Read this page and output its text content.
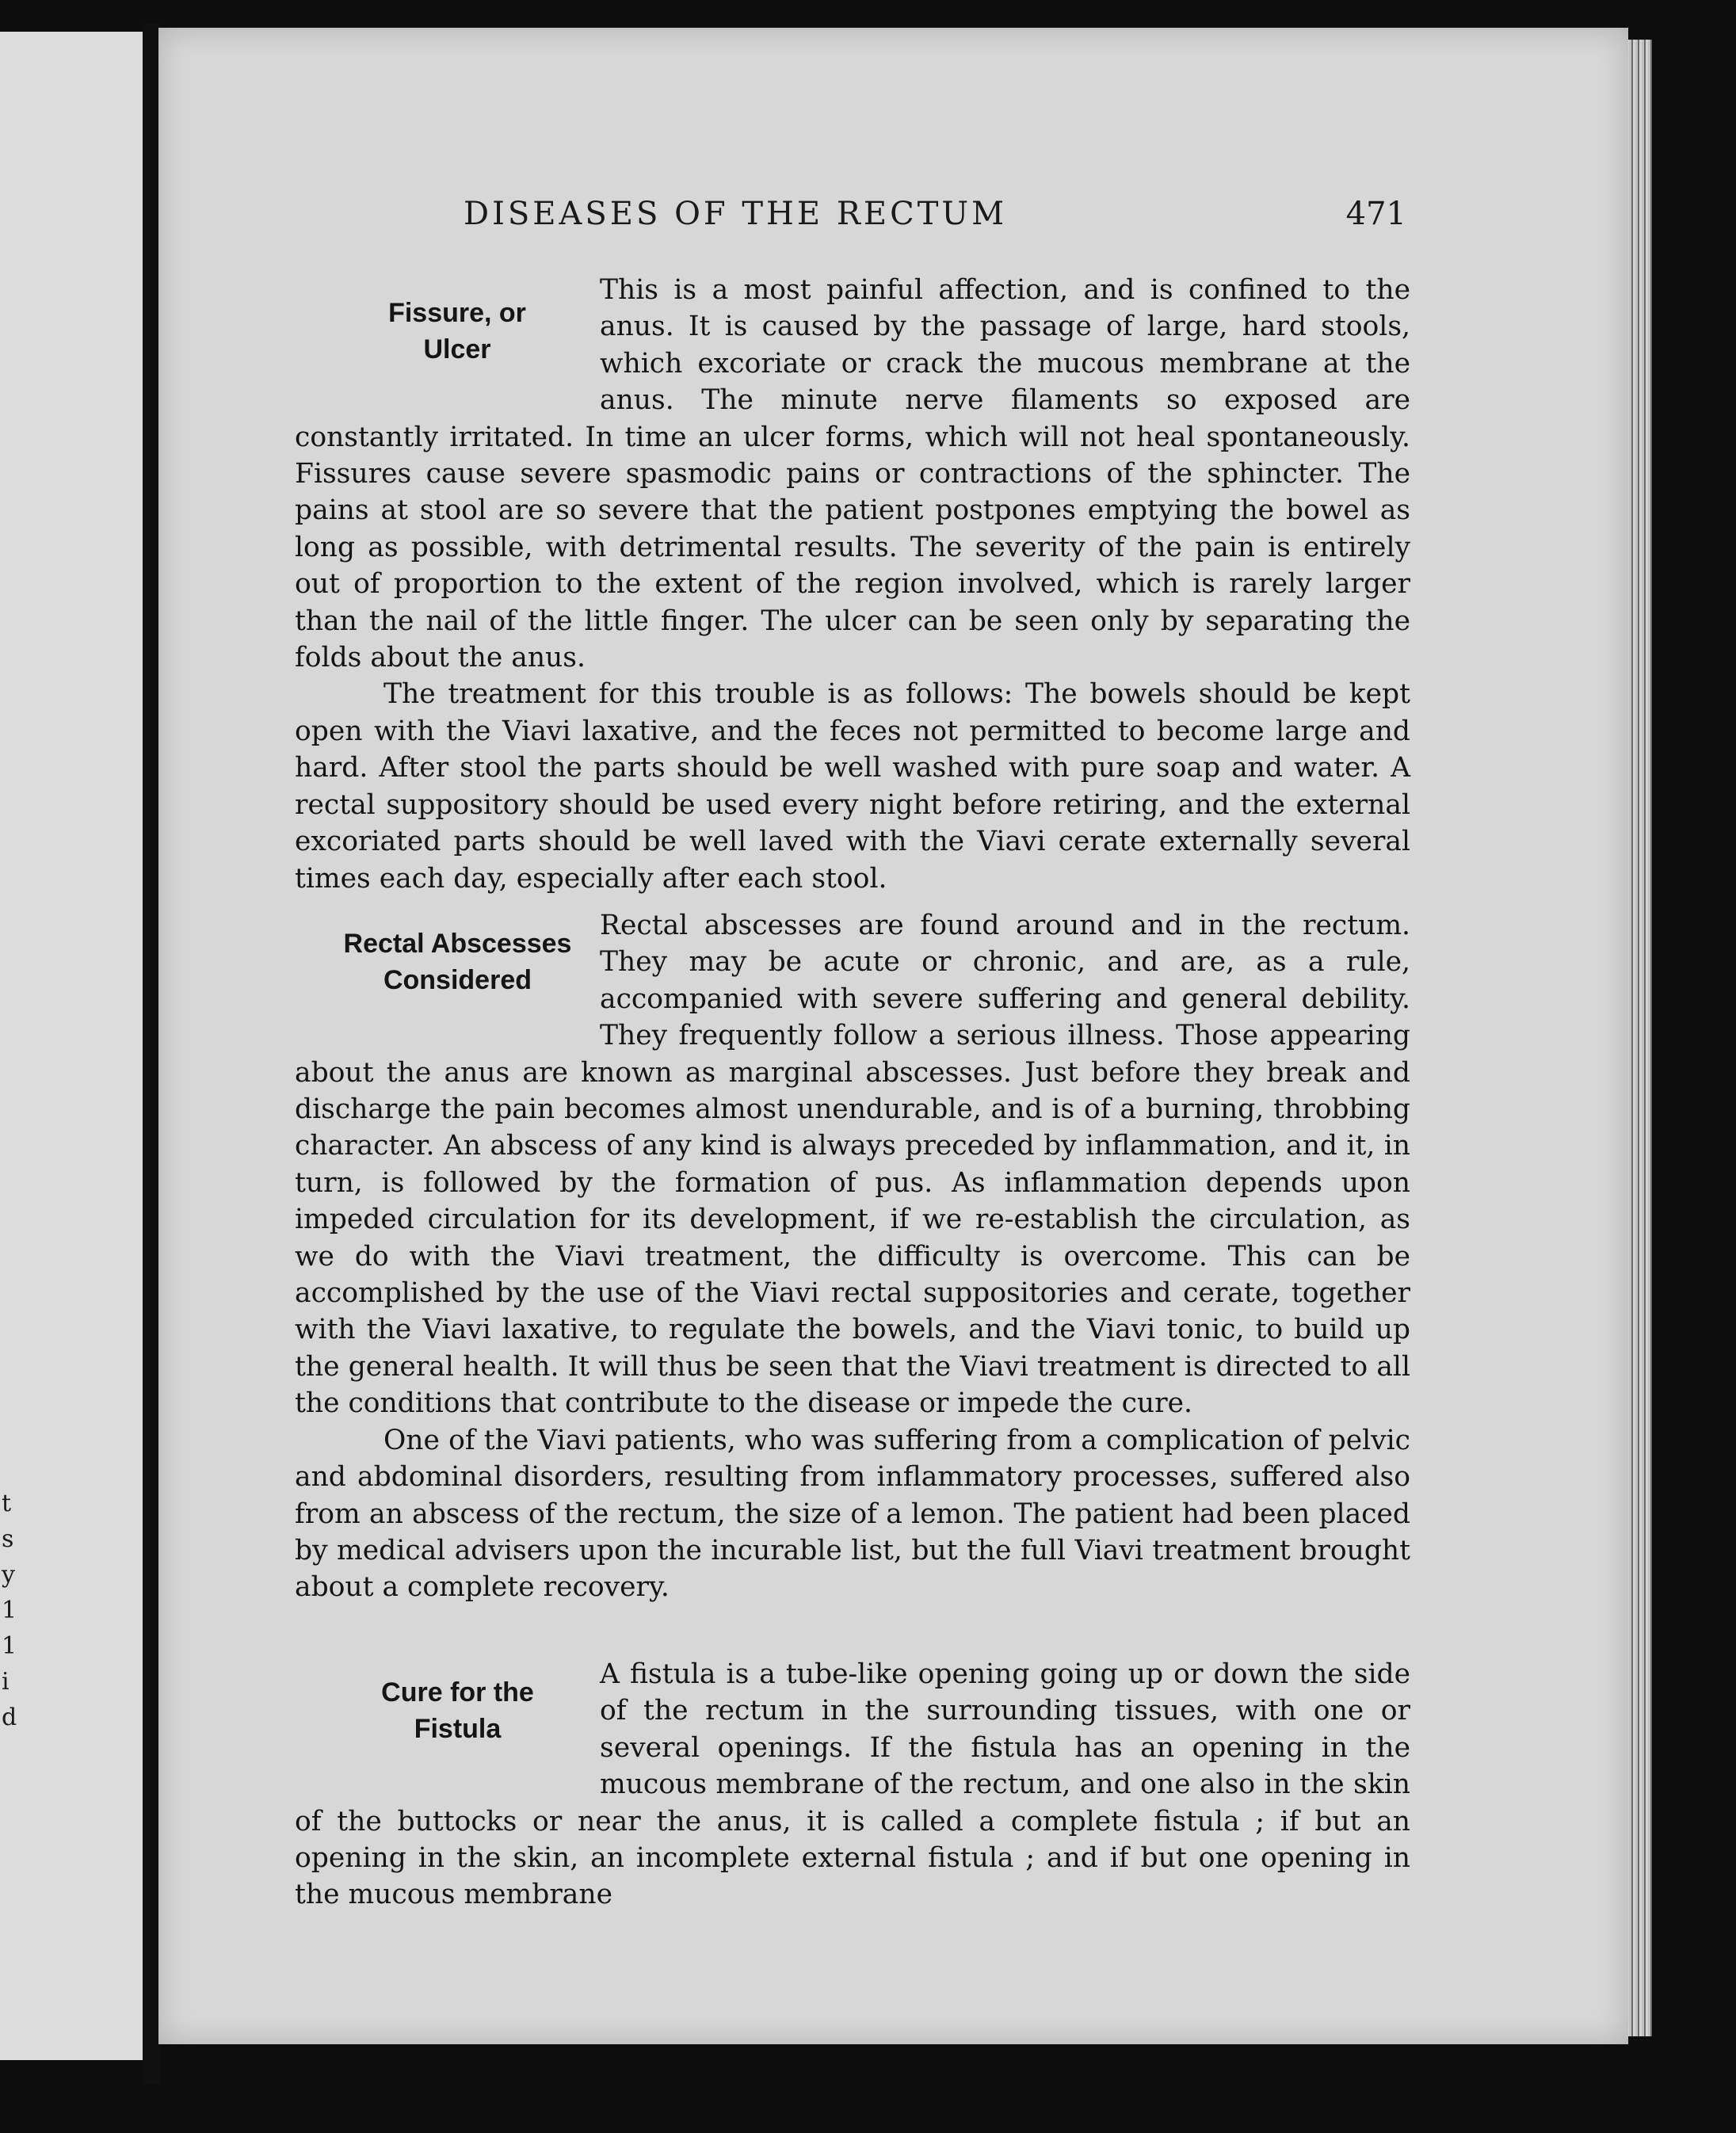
t
s
y
1
1
i
d
DISEASES OF THE RECTUM	471
Fissure, or
Ulcer

This is a most painful affection, and is confined to the anus. It is caused by the passage of large, hard stools, which excoriate or crack the mucous membrane at the anus. The minute nerve filaments so exposed are constantly irritated. In time an ulcer forms, which will not heal spontaneously. Fissures cause severe spasmodic pains or contractions of the sphincter. The pains at stool are so severe that the patient postpones emptying the bowel as long as possible, with detrimental results. The severity of the pain is entirely out of proportion to the extent of the region involved, which is rarely larger than the nail of the little finger. The ulcer can be seen only by separating the folds about the anus.

The treatment for this trouble is as follows: The bowels should be kept open with the Viavi laxative, and the feces not permitted to become large and hard. After stool the parts should be well washed with pure soap and water. A rectal suppository should be used every night before retiring, and the external excoriated parts should be well laved with the Viavi cerate externally several times each day, especially after each stool.

Rectal Abscesses
Considered

Rectal abscesses are found around and in the rectum. They may be acute or chronic, and are, as a rule, accompanied with severe suffering and general debility. They frequently follow a serious illness. Those appearing about the anus are known as marginal abscesses. Just before they break and discharge the pain becomes almost unendurable, and is of a burning, throbbing character. An abscess of any kind is always preceded by inflammation, and it, in turn, is followed by the formation of pus. As inflammation depends upon impeded circulation for its development, if we re-establish the circulation, as we do with the Viavi treatment, the difficulty is overcome. This can be accomplished by the use of the Viavi rectal suppositories and cerate, together with the Viavi laxative, to regulate the bowels, and the Viavi tonic, to build up the general health. It will thus be seen that the Viavi treatment is directed to all the conditions that contribute to the disease or impede the cure.

One of the Viavi patients, who was suffering from a complication of pelvic and abdominal disorders, resulting from inflammatory processes, suffered also from an abscess of the rectum, the size of a lemon. The patient had been placed by medical advisers upon the incurable list, but the full Viavi treatment brought about a complete recovery.

Cure for the
Fistula

A fistula is a tube-like opening going up or down the side of the rectum in the surrounding tissues, with one or several openings. If the fistula has an opening in the mucous membrane of the rectum, and one also in the skin of the buttocks or near the anus, it is called a complete fistula ; if but an opening in the skin, an incomplete external fistula ; and if but one opening in the mucous membrane
